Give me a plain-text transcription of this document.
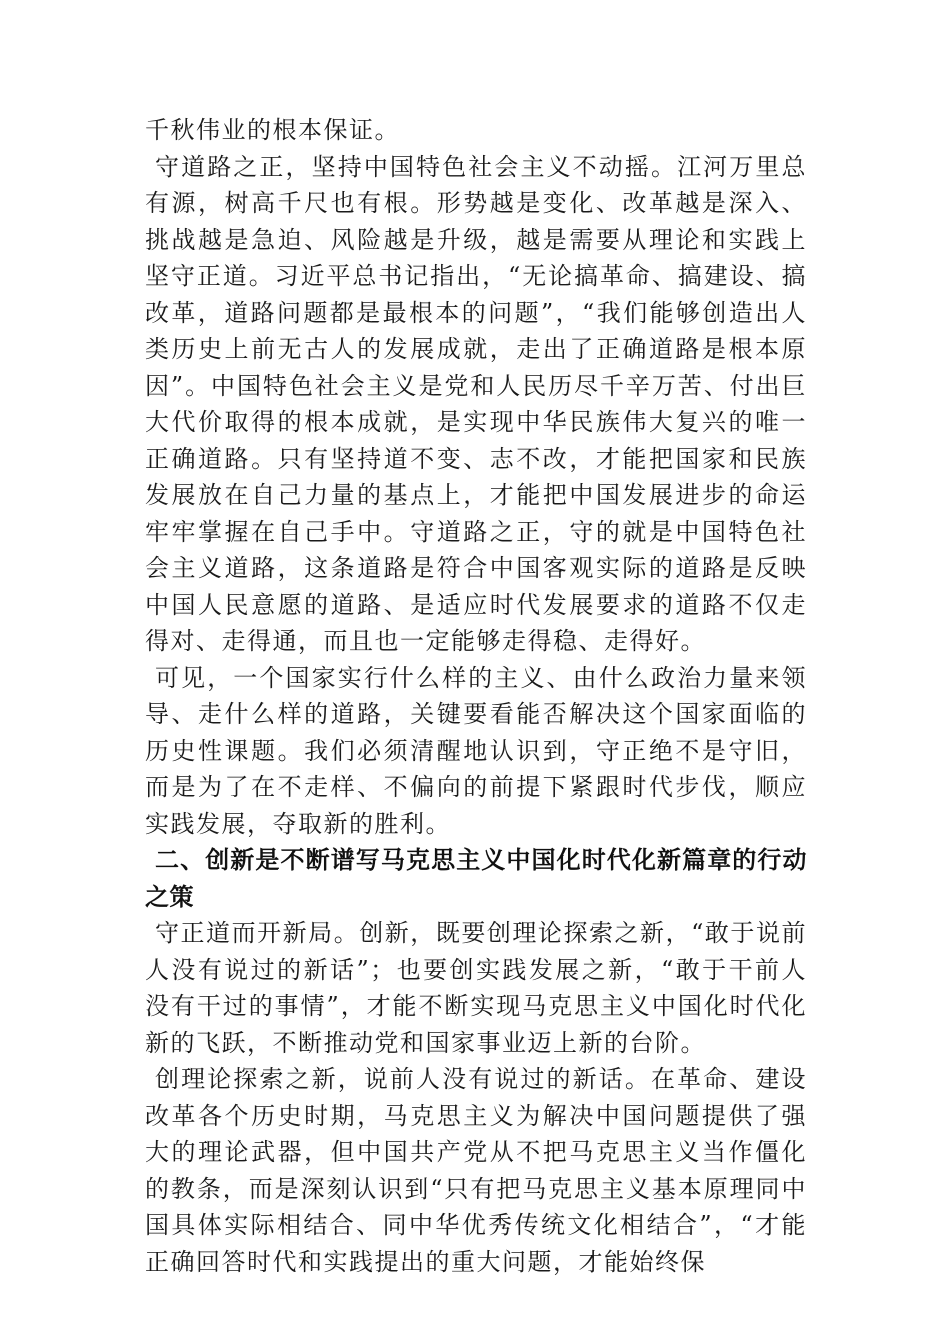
千秋伟业的根本保证。

守道路之正，坚持中国特色社会主义不动摇。江河万里总有源，树高千尺也有根。形势越是变化、改革越是深入、挑战越是急迫、风险越是升级，越是需要从理论和实践上坚守正道。习近平总书记指出，“无论搞革命、搞建设、搞改革，道路问题都是最根本的问题”，“我们能够创造出人类历史上前无古人的发展成就，走出了正确道路是根本原因”。中国特色社会主义是党和人民历尽千辛万苦、付出巨大代价取得的根本成就，是实现中华民族伟大复兴的唯一正确道路。只有坚持道不变、志不改，才能把国家和民族发展放在自己力量的基点上，才能把中国发展进步的命运牢牢掌握在自己手中。守道路之正，守的就是中国特色社会主义道路，这条道路是符合中国客观实际的道路是反映中国人民意愿的道路、是适应时代发展要求的道路不仅走得对、走得通，而且也一定能够走得稳、走得好。

可见，一个国家实行什么样的主义、由什么政治力量来领导、走什么样的道路，关键要看能否解决这个国家面临的历史性课题。我们必须清醒地认识到，守正绝不是守旧，而是为了在不走样、不偏向的前提下紧跟时代步伐，顺应实践发展，夺取新的胜利。

二、创新是不断谱写马克思主义中国化时代化新篇章的行动之策

守正道而开新局。创新，既要创理论探索之新，“敢于说前人没有说过的新话”；也要创实践发展之新，“敢于干前人没有干过的事情”，才能不断实现马克思主义中国化时代化新的飞跃，不断推动党和国家事业迈上新的台阶。

创理论探索之新，说前人没有说过的新话。在革命、建设改革各个历史时期，马克思主义为解决中国问题提供了强大的理论武器，但中国共产党从不把马克思主义当作僵化的教条，而是深刻认识到“只有把马克思主义基本原理同中国具体实际相结合、同中华优秀传统文化相结合”，“才能正确回答时代和实践提出的重大问题，才能始终保
